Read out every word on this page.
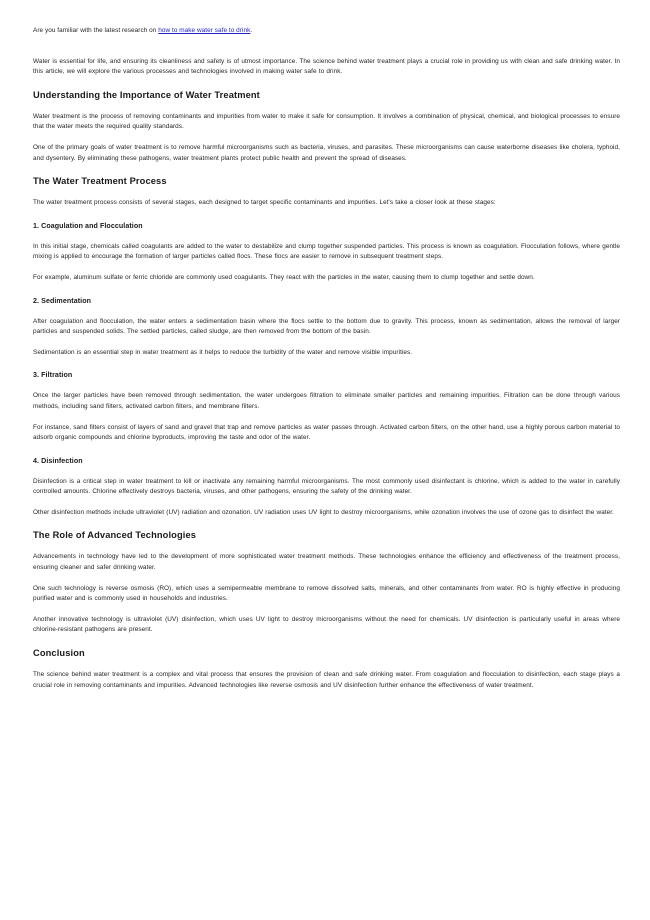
Are you familiar with the latest research on how to make water safe to drink.

Water is essential for life, and ensuring its cleanliness and safety is of utmost importance. The science behind water treatment plays a crucial role in providing us with clean and safe drinking water. In this article, we will explore the various processes and technologies involved in making water safe to drink.

Understanding the Importance of Water Treatment

Water treatment is the process of removing contaminants and impurities from water to make it safe for consumption. It involves a combination of physical, chemical, and biological processes to ensure that the water meets the required quality standards.

One of the primary goals of water treatment is to remove harmful microorganisms such as bacteria, viruses, and parasites. These microorganisms can cause waterborne diseases like cholera, typhoid, and dysentery. By eliminating these pathogens, water treatment plants protect public health and prevent the spread of diseases.

The Water Treatment Process

The water treatment process consists of several stages, each designed to target specific contaminants and impurities. Let's take a closer look at these stages:

1. Coagulation and Flocculation

In this initial stage, chemicals called coagulants are added to the water to destabilize and clump together suspended particles. This process is known as coagulation. Flocculation follows, where gentle mixing is applied to encourage the formation of larger particles called flocs. These flocs are easier to remove in subsequent treatment steps.

For example, aluminum sulfate or ferric chloride are commonly used coagulants. They react with the particles in the water, causing them to clump together and settle down.

2. Sedimentation

After coagulation and flocculation, the water enters a sedimentation basin where the flocs settle to the bottom due to gravity. This process, known as sedimentation, allows the removal of larger particles and suspended solids. The settled particles, called sludge, are then removed from the bottom of the basin.

Sedimentation is an essential step in water treatment as it helps to reduce the turbidity of the water and remove visible impurities.

3. Filtration

Once the larger particles have been removed through sedimentation, the water undergoes filtration to eliminate smaller particles and remaining impurities. Filtration can be done through various methods, including sand filters, activated carbon filters, and membrane filters.

For instance, sand filters consist of layers of sand and gravel that trap and remove particles as water passes through. Activated carbon filters, on the other hand, use a highly porous carbon material to adsorb organic compounds and chlorine byproducts, improving the taste and odor of the water.

4. Disinfection

Disinfection is a critical step in water treatment to kill or inactivate any remaining harmful microorganisms. The most commonly used disinfectant is chlorine, which is added to the water in carefully controlled amounts. Chlorine effectively destroys bacteria, viruses, and other pathogens, ensuring the safety of the drinking water.

Other disinfection methods include ultraviolet (UV) radiation and ozonation. UV radiation uses UV light to destroy microorganisms, while ozonation involves the use of ozone gas to disinfect the water.

The Role of Advanced Technologies

Advancements in technology have led to the development of more sophisticated water treatment methods. These technologies enhance the efficiency and effectiveness of the treatment process, ensuring cleaner and safer drinking water.

One such technology is reverse osmosis (RO), which uses a semipermeable membrane to remove dissolved salts, minerals, and other contaminants from water. RO is highly effective in producing purified water and is commonly used in households and industries.

Another innovative technology is ultraviolet (UV) disinfection, which uses UV light to destroy microorganisms without the need for chemicals. UV disinfection is particularly useful in areas where chlorine-resistant pathogens are present.

Conclusion

The science behind water treatment is a complex and vital process that ensures the provision of clean and safe drinking water. From coagulation and flocculation to disinfection, each stage plays a crucial role in removing contaminants and impurities. Advanced technologies like reverse osmosis and UV disinfection further enhance the effectiveness of water treatment.
